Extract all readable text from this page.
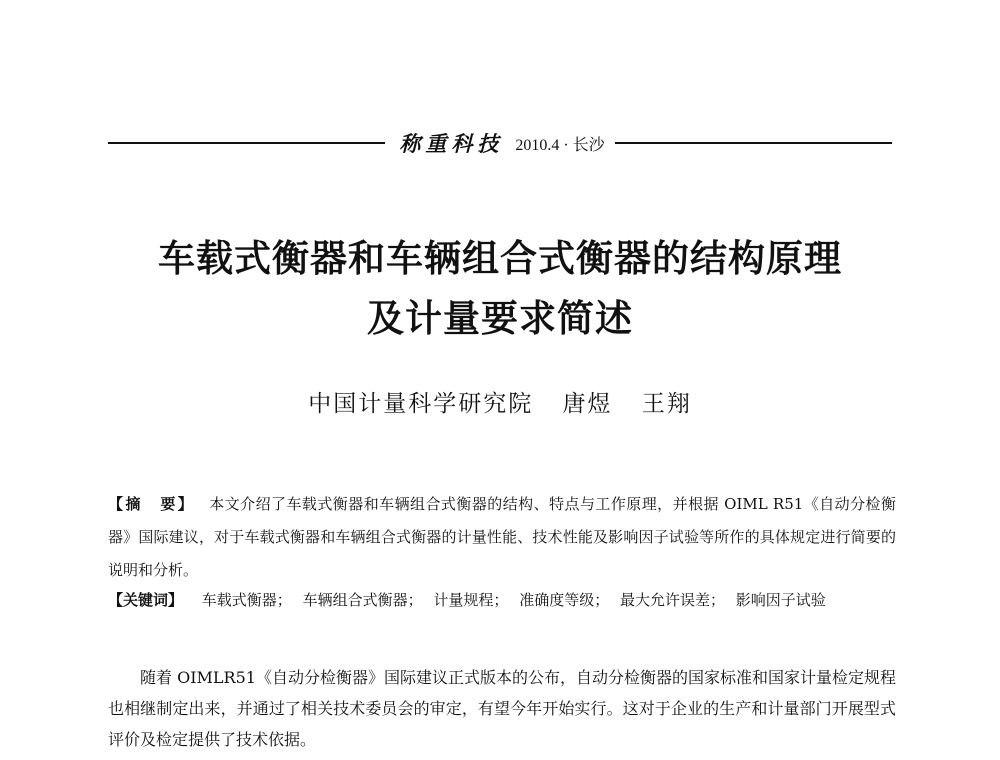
称重科技 2010.4 · 长沙
车载式衡器和车辆组合式衡器的结构原理
及计量要求简述
中国计量科学研究院 唐煜 王翔
【摘　要】 本文介绍了车载式衡器和车辆组合式衡器的结构、特点与工作原理，并根据 OIML R51《自动分检衡器》国际建议，对于车载式衡器和车辆组合式衡器的计量性能、技术性能及影响因子试验等所作的具体规定进行简要的说明和分析。
【关键词】 车载式衡器； 车辆组合式衡器； 计量规程； 准确度等级； 最大允许误差； 影响因子试验
随着 OIMLR51《自动分检衡器》国际建议正式版本的公布，自动分检衡器的国家标准和国家计量检定规程也相继制定出来，并通过了相关技术委员会的审定，有望今年开始实行。这对于企业的生产和计量部门开展型式评价及检定提供了技术依据。
